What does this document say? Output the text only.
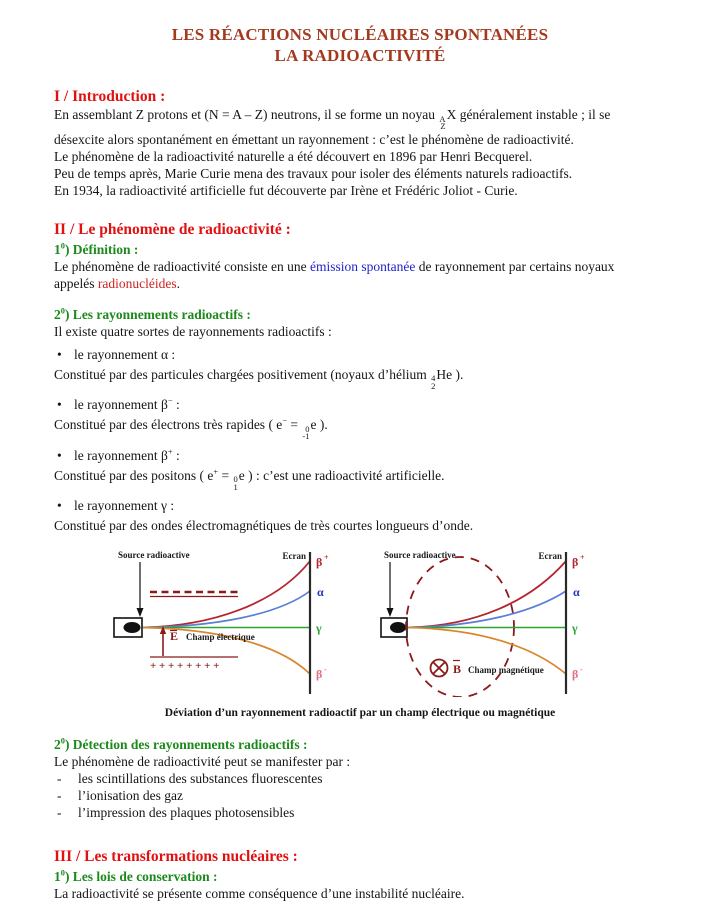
LES RÉACTIONS NUCLÉAIRES SPONTANÉES
LA RADIOACTIVITÉ
I / Introduction :
En assemblant Z protons et (N = A – Z) neutrons, il se forme un noyau A
Z
X généralement instable ; il se
désexcite alors spontanément en émettant un rayonnement : c’est le phénomène de radioactivité.
Le phénomène de la radioactivité naturelle a été découvert en 1896 par Henri Becquerel.
Peu de temps après, Marie Curie mena des travaux pour isoler des éléments naturels radioactifs.
En 1934, la radioactivité artificielle fut découverte par Irène et Frédéric Joliot - Curie.
II / Le phénomène de radioactivité :
$1^0$) Définition :
Le phénomène de radioactivité consiste en une émission spontanée de rayonnement par certains noyaux
appelés radionucléides.
$2^0$) Les rayonnements radioactifs :
Il existe quatre sortes de rayonnements radioactifs :
• le rayonnement α :
Constitué par des particules chargées positivement (noyaux d’hélium 4
2
He ).
• le rayonnement β− :
Constitué par des électrons très rapides ( e− = 0
-1
e ).
• le rayonnement β+ :
Constitué par des positons ( e+ = 0
1
e ) : c’est une radioactivité artificielle.
• le rayonnement γ :
Constitué par des ondes électromagnétiques de très courtes longueurs d’onde.
Source radioactive
E Champ électrique
+ + + + + + + +
Ecran β +
α
γ
β -
Source radioactive
B Champ magnétique
Ecran β +
α
γ
β -
Déviation d’un rayonnement radioactif par un champ électrique ou magnétique
$2^0$) Détection des rayonnements radioactifs :
Le phénomène de radioactivité peut se manifester par :
- les scintillations des substances fluorescentes
- l’ionisation des gaz
- l’impression des plaques photosensibles
III / Les transformations nucléaires :
$1^0$) Les lois de conservation :
La radioactivité se présente comme conséquence d’une instabilité nucléaire.
